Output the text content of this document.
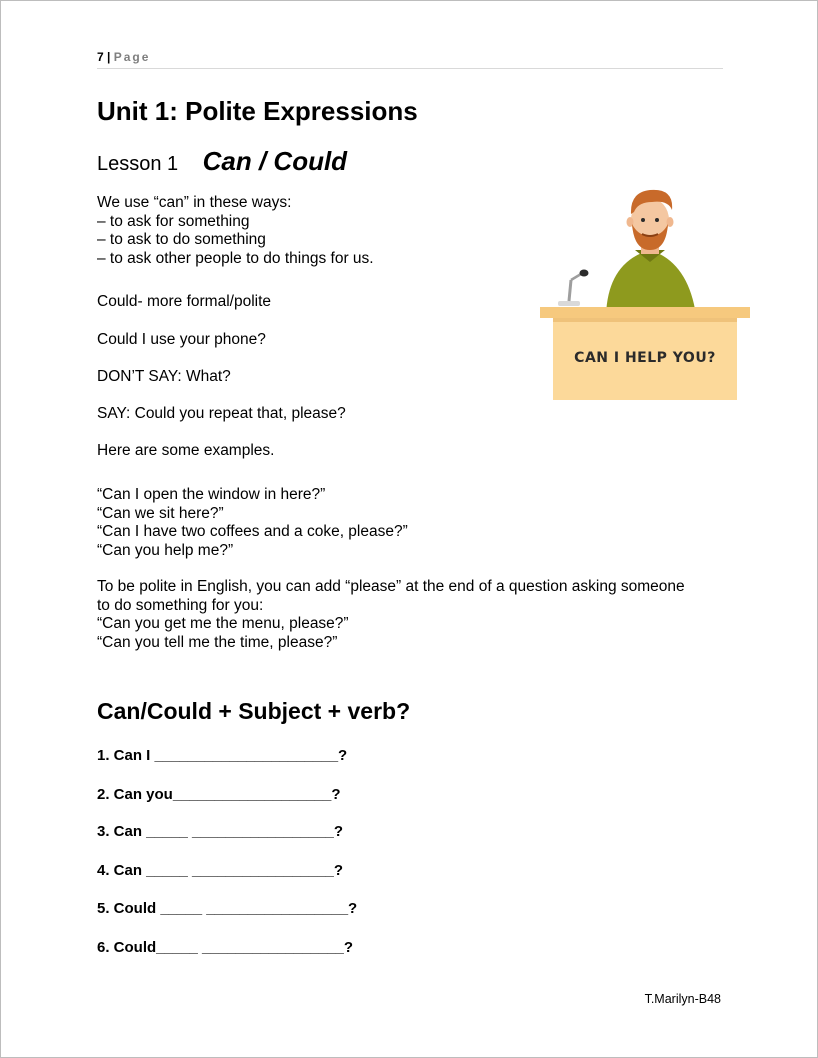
7 | Page
Unit 1: Polite Expressions
Lesson 1 Can / Could
We use “can” in these ways:
– to ask for something
– to ask to do something
– to ask other people to do things for us.

Could- more formal/polite

Could I use your phone?

DON’T SAY: What?

SAY: Could you repeat that, please?

Here are some examples.

“Can I open the window in here?”
“Can we sit here?”
“Can I have two coffees and a coke, please?”
“Can you help me?”
To be polite in English, you can add “please” at the end of a question asking someone
to do something for you:
“Can you get me the menu, please?”
“Can you tell me the time, please?”
Can/Could + Subject + verb?
1. Can I ______________________?
2. Can you___________________?
3. Can _____ _________________?
4. Can _____ _________________?
5. Could _____ _________________?
6. Could_____ _________________?
CAN I HELP YOU?
T.Marilyn-B48
